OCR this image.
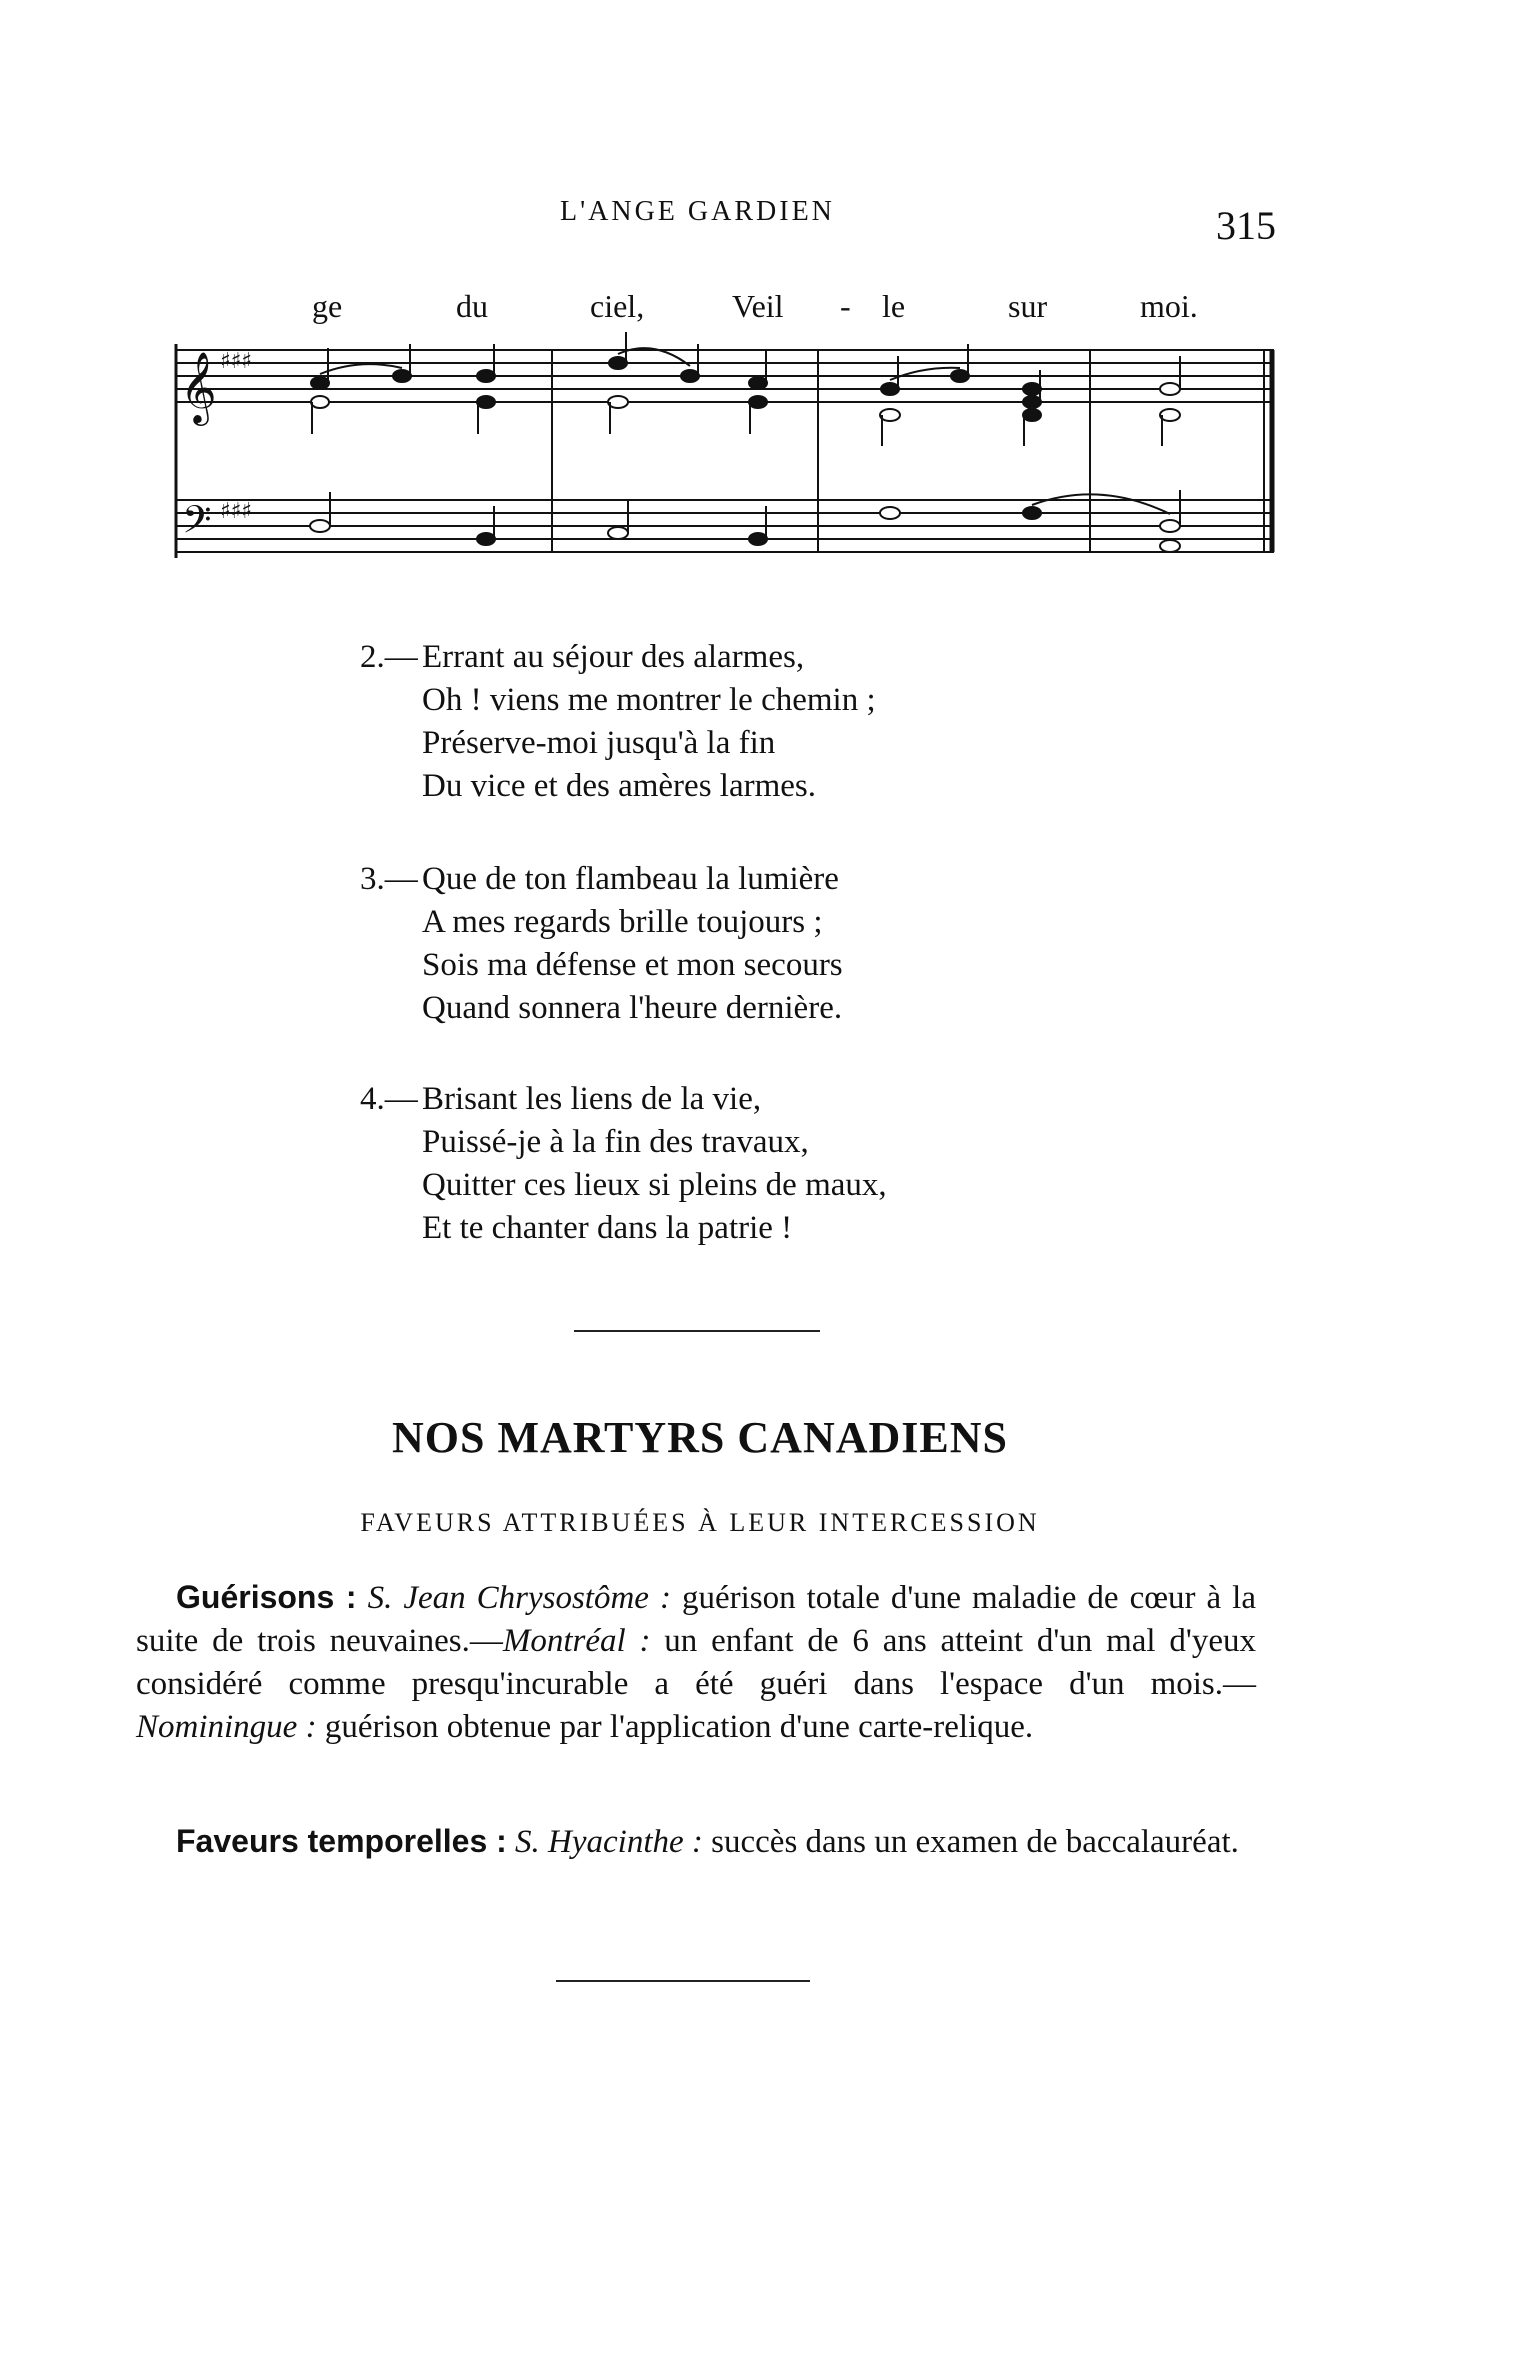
L'ANGE GARDIEN	315
ge	du	ciel,	Veil - le	sur	moi.
𝄞
𝄢
♯♯♯
♯♯♯
2.— Errant au séjour des alarmes,
Oh ! viens me montrer le chemin ;
Préserve-moi jusqu'à la fin
Du vice et des amères larmes.
3.— Que de ton flambeau la lumière
A mes regards brille toujours ;
Sois ma défense et mon secours
Quand sonnera l'heure dernière.
4.— Brisant les liens de la vie,
Puissé-je à la fin des travaux,
Quitter ces lieux si pleins de maux,
Et te chanter dans la patrie !
NOS MARTYRS CANADIENS
FAVEURS ATTRIBUÉES À LEUR INTERCESSION
Guérisons : S. Jean Chrysostôme : guérison totale d'une maladie de cœur à la suite de trois neuvaines.—Montréal : un enfant de 6 ans atteint d'un mal d'yeux considéré comme presqu'incurable a été guéri dans l'espace d'un mois.—Nominingue : guérison obtenue par l'application d'une carte-relique.
Faveurs temporelles : S. Hyacinthe : succès dans un examen de baccalauréat.
